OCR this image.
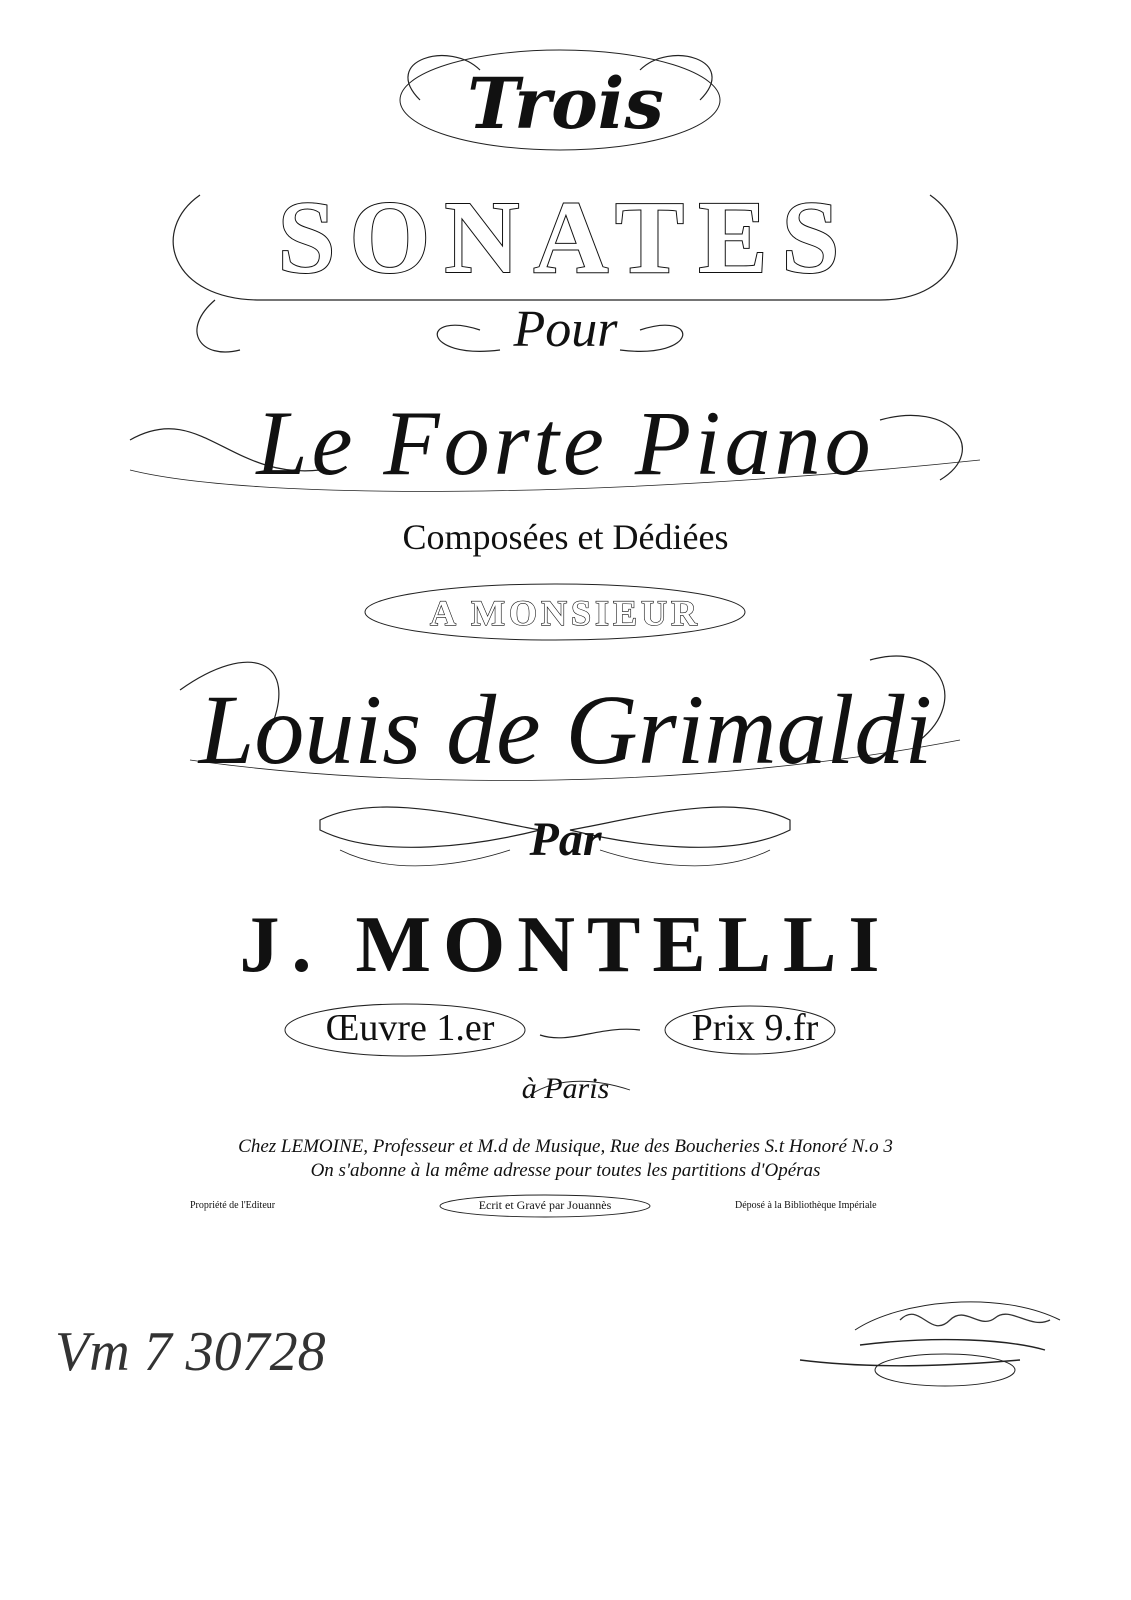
Trois
SONATES
Pour
Le Forte Piano
Composées et Dédiées
A MONSIEUR
Louis de Grimaldi
Par
J. MONTELLI
Œuvre 1.er	Prix 9.fr
à Paris
Chez LEMOINE, Professeur et M.d de Musique, Rue des Boucheries S.t Honoré N.o 3
On s'abonne à la même adresse pour toutes les partitions d'Opéras
Propriété de l'Editeur	Ecrit et Gravé par Jouannès	Déposé à la Bibliothèque Impériale
Vm 7 30728
